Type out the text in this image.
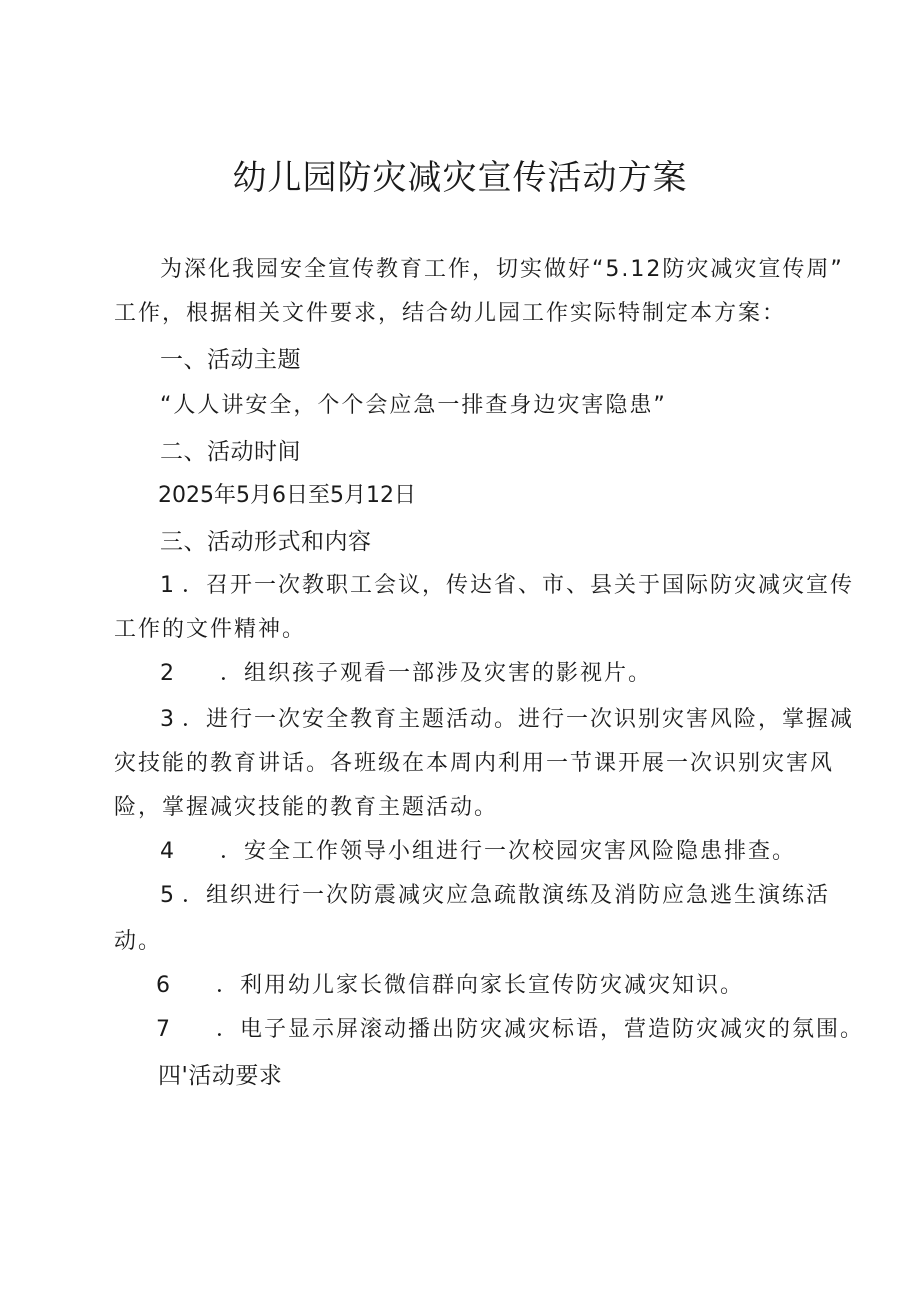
幼儿园防灾减灾宣传活动方案
为深化我园安全宣传教育工作，切实做好“5.12防灾减灾宣传周”
工作，根据相关文件要求，结合幼儿园工作实际特制定本方案：
一、活动主题
“人人讲安全，个个会应急一排查身边灾害隐患”
二、活动时间
2025年5月6日至5月12日
三、活动形式和内容
1 ．召开一次教职工会议，传达省、市、县关于国际防灾减灾宣传
工作的文件精神。
2 ．组织孩子观看一部涉及灾害的影视片。
3 ．进行一次安全教育主题活动。进行一次识别灾害风险，掌握减
灾技能的教育讲话。各班级在本周内利用一节课开展一次识别灾害风
险，掌握减灾技能的教育主题活动。
4 ．安全工作领导小组进行一次校园灾害风险隐患排查。
5 ．组织进行一次防震减灾应急疏散演练及消防应急逃生演练活
动。
6 ．利用幼儿家长微信群向家长宣传防灾减灾知识。
7 ．电子显示屏滚动播出防灾减灾标语，营造防灾减灾的氛围。
四'活动要求
